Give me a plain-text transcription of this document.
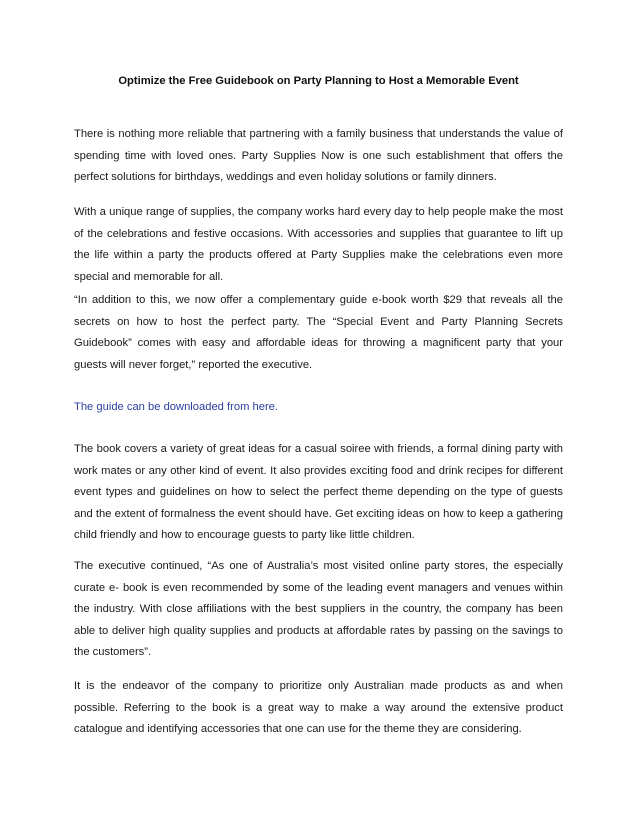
Optimize the Free Guidebook on Party Planning to Host a Memorable Event

There is nothing more reliable that partnering with a family business that understands the value of spending time with loved ones. Party Supplies Now is one such establishment that offers the perfect solutions for birthdays, weddings and even holiday solutions or family dinners.

With a unique range of supplies, the company works hard every day to help people make the most of the celebrations and festive occasions. With accessories and supplies that guarantee to lift up the life within a party the products offered at Party Supplies make the celebrations even more special and memorable for all.

“In addition to this, we now offer a complementary guide e-book worth $29 that reveals all the secrets on how to host the perfect party. The “Special Event and Party Planning Secrets Guidebook” comes with easy and affordable ideas for throwing a magnificent party that your guests will never forget,” reported the executive.

The guide can be downloaded from here.

The book covers a variety of great ideas for a casual soiree with friends, a formal dining party with work mates or any other kind of event. It also provides exciting food and drink recipes for different event types and guidelines on how to select the perfect theme depending on the type of guests and the extent of formalness the event should have. Get exciting ideas on how to keep a gathering child friendly and how to encourage guests to party like little children.

The executive continued, “As one of Australia’s most visited online party stores, the especially curate e- book is even recommended by some of the leading event managers and venues within the industry. With close affiliations with the best suppliers in the country, the company has been able to deliver high quality supplies and products at affordable rates by passing on the savings to the customers”.

It is the endeavor of the company to prioritize only Australian made products as and when possible. Referring to the book is a great way to make a way around the extensive product catalogue and identifying accessories that one can use for the theme they are considering.
